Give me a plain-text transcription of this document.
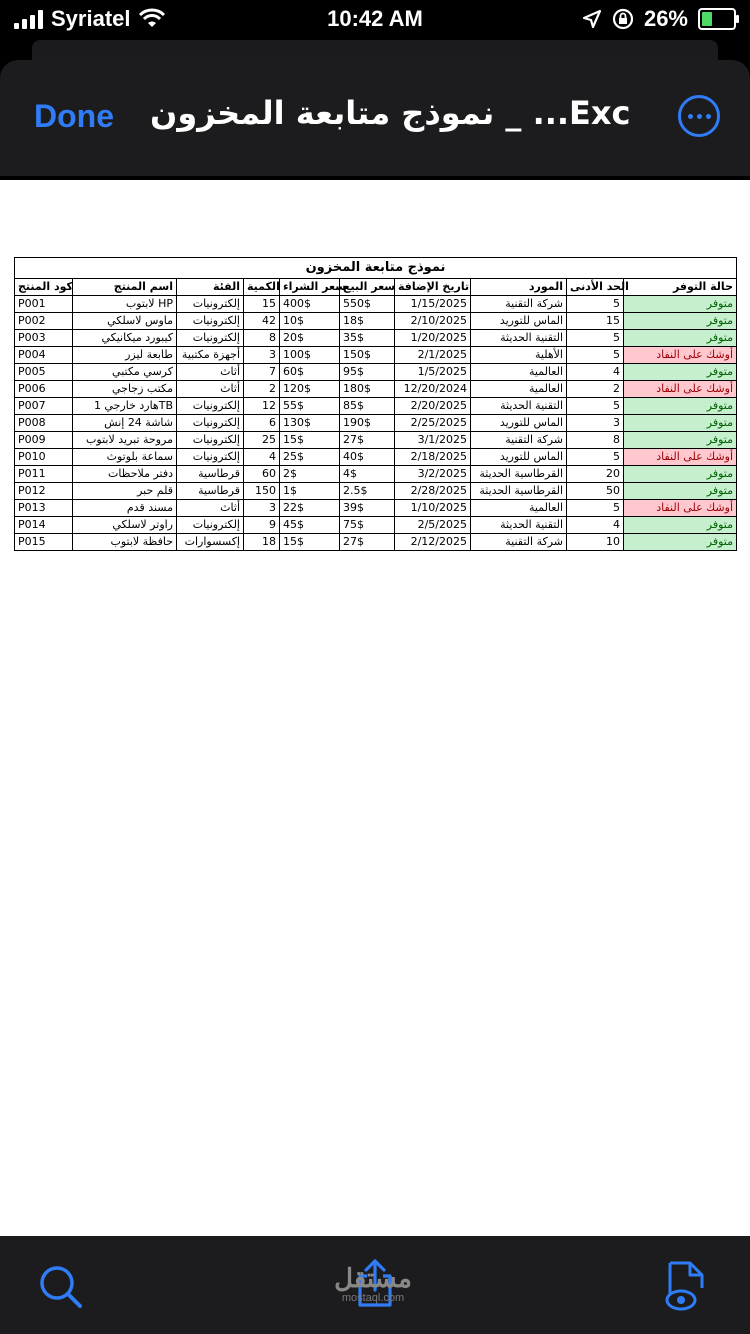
Syriatel	10:42 AM	26%
Done نموذج متابعة المخزون _ ...Exc
نموذج متابعة المخزون									
كود المنتج	اسم المنتج	الفئة	الكمية	سعر الشراء	سعر البيع	تاريخ الإضافة	المورد	الحد الأدنى	حالة التوفر
P001	لابتوب HP	إلكترونيات	15	400$	550$	1/15/2025	شركة التقنية	5	متوفر
P002	ماوس لاسلكي	إلكترونيات	42	10$	18$	2/10/2025	الماس للتوريد	15	متوفر
P003	كيبورد ميكانيكي	إلكترونيات	8	20$	35$	1/20/2025	التقنية الحديثة	5	متوفر
P004	طابعة ليزر	أجهزة مكتبية	3	100$	150$	2/1/2025	الأهلية	5	أوشك على النفاد
P005	كرسي مكتبي	أثاث	7	60$	95$	1/5/2025	العالمية	4	متوفر
P006	مكتب زجاجي	أثاث	2	120$	180$	12/20/2024	العالمية	2	أوشك على النفاد
P007	هارد خارجي 1TB	إلكترونيات	12	55$	85$	2/20/2025	التقنية الحديثة	5	متوفر
P008	شاشة 24 إنش	إلكترونيات	6	130$	190$	2/25/2025	الماس للتوريد	3	متوفر
P009	مروحة تبريد لابتوب	إلكترونيات	25	15$	27$	3/1/2025	شركة التقنية	8	متوفر
P010	سماعة بلوتوث	إلكترونيات	4	25$	40$	2/18/2025	الماس للتوريد	5	أوشك على النفاد
P011	دفتر ملاحظات	قرطاسية	60	2$	4$	3/2/2025	القرطاسية الحديثة	20	متوفر
P012	قلم حبر	قرطاسية	150	1$	2.5$	2/28/2025	القرطاسية الحديثة	50	متوفر
P013	مسند قدم	أثاث	3	22$	39$	1/10/2025	العالمية	5	أوشك على النفاد
P014	راوتر لاسلكي	إلكترونيات	9	45$	75$	2/5/2025	التقنية الحديثة	4	متوفر
P015	حافظة لابتوب	إكسسوارات	18	15$	27$	2/12/2025	شركة التقنية	10	متوفر
مستقل
mostaql.com
